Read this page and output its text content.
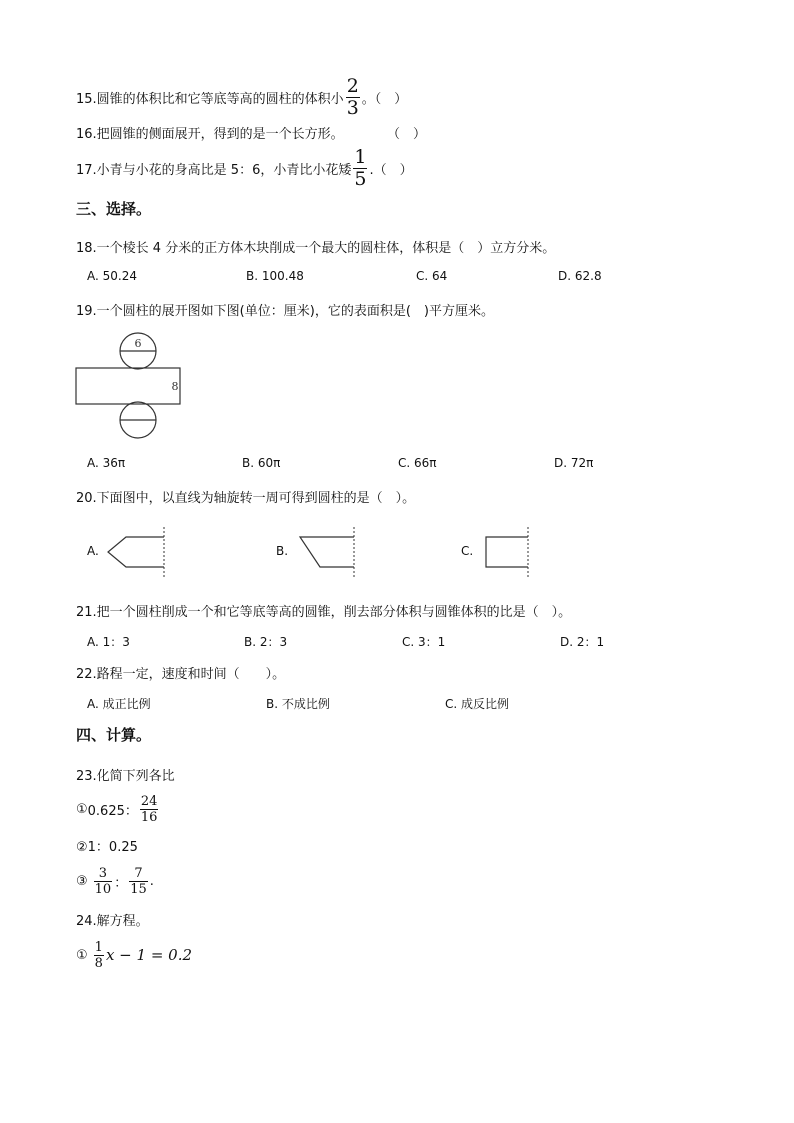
15.圆锥的体积比和它等底等高的圆柱的体积小 $\frac{2}{3}$ 。（　）
16.把圆锥的侧面展开，得到的是一个长方形。	（　）
17.小青与小花的身高比是 5：6，小青比小花矮 $\frac{1}{5}$ .（　）
三、选择。
18.一个棱长 4 分米的正方体木块削成一个最大的圆柱体，体积是（　）立方分米。
A. 50.24	B. 100.48	C. 64	D. 62.8
19.一个圆柱的展开图如下图(单位：厘米)，它的表面积是(　)平方厘米。
6
8
A. 36π	B. 60π	C. 66π	D. 72π
20.下面图中，以直线为轴旋转一周可得到圆柱的是（　）。
A.	B.	C.
21.把一个圆柱削成一个和它等底等高的圆锥，削去部分体积与圆锥体积的比是（　）。
A. 1：3	B. 2：3	C. 3：1	D. 2：1
22.路程一定，速度和时间（　　）。
A. 成正比例	B. 不成比例	C. 成反比例
四、计算。
23.化简下列各比
① 0.625： $\frac{24}{16}$
②1：0.25
③ $\frac{3}{10}$ ： $\frac{7}{15}$ .
24.解方程。
① $\frac{1}{8}$ x − 1 = 0.2
